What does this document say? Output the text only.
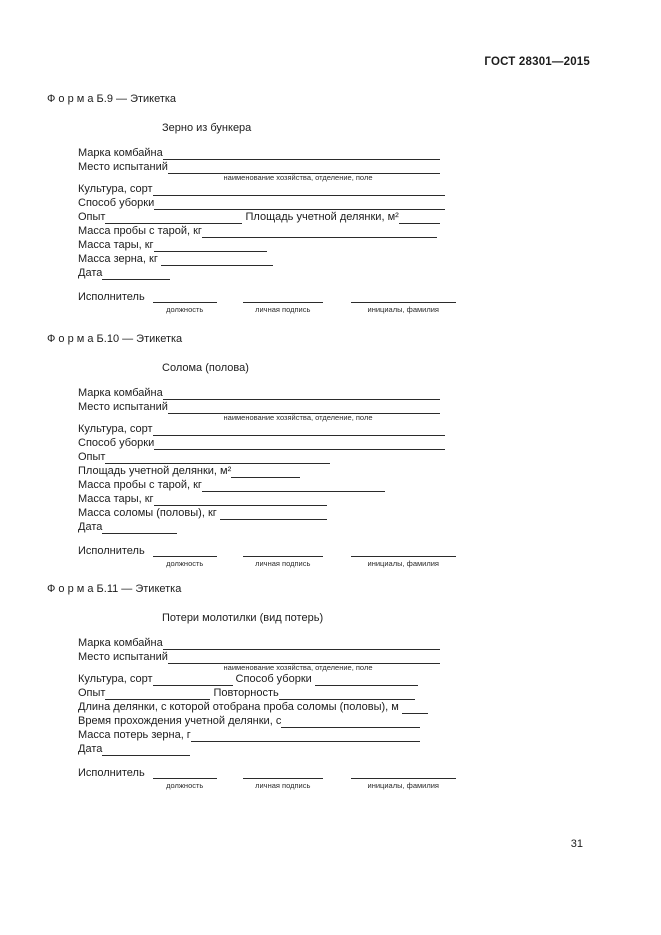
ГОСТ 28301—2015
Ф о р м а Б.9 — Этикетка
Зерно из бункера
Марка комбайна
Место испытаний
наименование хозяйства, отделение, поле
Культура, сорт
Способ уборки
Опыт	Площадь учетной делянки, м²
Масса пробы с тарой, кг
Масса тары, кг
Масса зерна, кг
Дата
Исполнитель
должность	личная подпись	инициалы, фамилия
Ф о р м а Б.10 — Этикетка
Солома (полова)
Марка комбайна
Место испытаний
наименование хозяйства, отделение, поле
Культура, сорт
Способ уборки
Опыт
Площадь учетной делянки, м²
Масса пробы с тарой, кг
Масса тары, кг
Масса соломы (половы), кг
Дата
Исполнитель
должность	личная подпись	инициалы, фамилия
Ф о р м а Б.11 — Этикетка
Потери молотилки (вид потерь)
Марка комбайна
Место испытаний
наименование хозяйства, отделение, поле
Культура, сорт	Способ уборки
Опыт	Повторность
Длина делянки, с которой отобрана проба соломы (половы), м
Время прохождения учетной делянки, с
Масса потерь зерна, г
Дата
Исполнитель
должность	личная подпись	инициалы, фамилия
31
